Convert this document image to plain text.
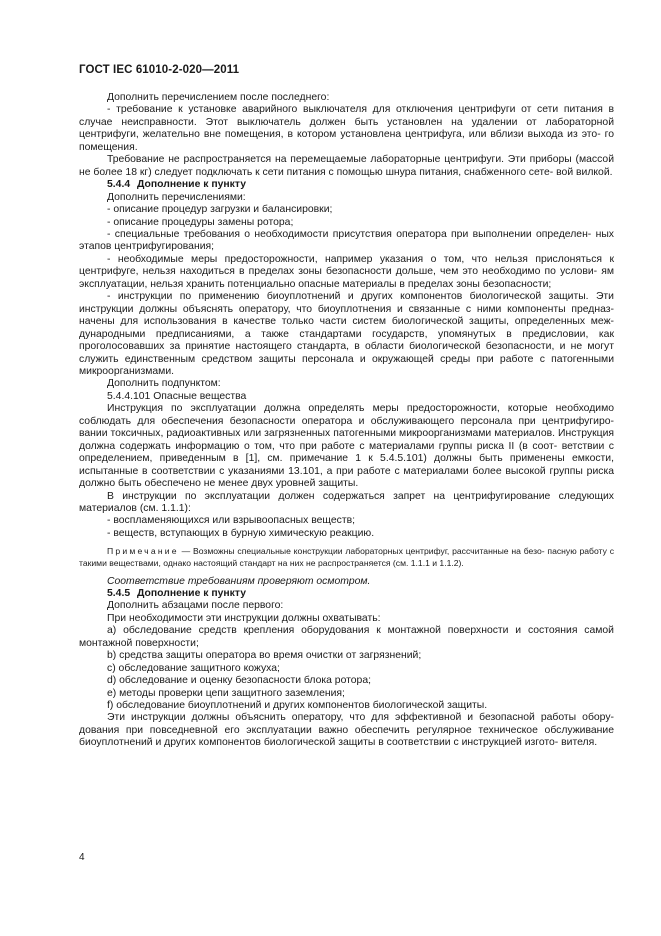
ГОСТ IEC 61010-2-020—2011

Дополнить перечислением после последнего:

- требование к установке аварийного выключателя для отключения центрифуги от сети питания в случае неисправности. Этот выключатель должен быть установлен на удалении от лабораторной центрифуги, желательно вне помещения, в котором установлена центрифуга, или вблизи выхода из это- го помещения.

Требование не распространяется на перемещаемые лабораторные центрифуги. Эти приборы (массой не более 18 кг) следует подключать к сети питания с помощью шнура питания, снабженного сете- вой вилкой.

5.4.4 Дополнение к пункту

Дополнить перечислениями:

- описание процедур загрузки и балансировки;

- описание процедуры замены ротора;

- специальные требования о необходимости присутствия оператора при выполнении определен- ных этапов центрифугирования;

- необходимые меры предосторожности, например указания о том, что нельзя прислоняться к центрифуге, нельзя находиться в пределах зоны безопасности дольше, чем это необходимо по услови- ям эксплуатации, нельзя хранить потенциально опасные материалы в пределах зоны безопасности;

- инструкции по применению биоуплотнений и других компонентов биологической защиты. Эти инструкции должны объяснять оператору, что биоуплотнения и связанные с ними компоненты предназ- начены для использования в качестве только части систем биологической защиты, определенных меж- дународными предписаниями, а также стандартами государств, упомянутых в предисловии, как проголосовавших за принятие настоящего стандарта, в области биологической безопасности, и не могут служить единственным средством защиты персонала и окружающей среды при работе с патогенными микроорганизмами.

Дополнить подпунктом:

5.4.4.101 Опасные вещества

Инструкция по эксплуатации должна определять меры предосторожности, которые необходимо соблюдать для обеспечения безопасности оператора и обслуживающего персонала при центрифугиро- вании токсичных, радиоактивных или загрязненных патогенными микроорганизмами материалов. Инструкция должна содержать информацию о том, что при работе с материалами группы риска II (в соот- ветствии с определением, приведенным в [1], см. примечание 1 к 5.4.5.101) должны быть применены емкости, испытанные в соответствии с указаниями 13.101, а при работе с материалами более высокой группы риска должно быть обеспечено не менее двух уровней защиты.

В инструкции по эксплуатации должен содержаться запрет на центрифугирование следующих материалов (см. 1.1.1):

- воспламеняющихся или взрывоопасных веществ;

- веществ, вступающих в бурную химическую реакцию.

Примечание — Возможны специальные конструкции лабораторных центрифуг, рассчитанные на безо- пасную работу с такими веществами, однако настоящий стандарт на них не распространяется (см. 1.1.1 и 1.1.2).

Соответствие требованиям проверяют осмотром.

5.4.5 Дополнение к пункту

Дополнить абзацами после первого:

При необходимости эти инструкции должны охватывать:

a) обследование средств крепления оборудования к монтажной поверхности и состояния самой монтажной поверхности;

b) средства защиты оператора во время очистки от загрязнений;

c) обследование защитного кожуха;

d) обследование и оценку безопасности блока ротора;

e) методы проверки цепи защитного заземления;

f) обследование биоуплотнений и других компонентов биологической защиты.

Эти инструкции должны объяснить оператору, что для эффективной и безопасной работы обору- дования при повседневной его эксплуатации важно обеспечить регулярное техническое обслуживание биоуплотнений и других компонентов биологической защиты в соответствии с инструкцией изгото- вителя.

4
